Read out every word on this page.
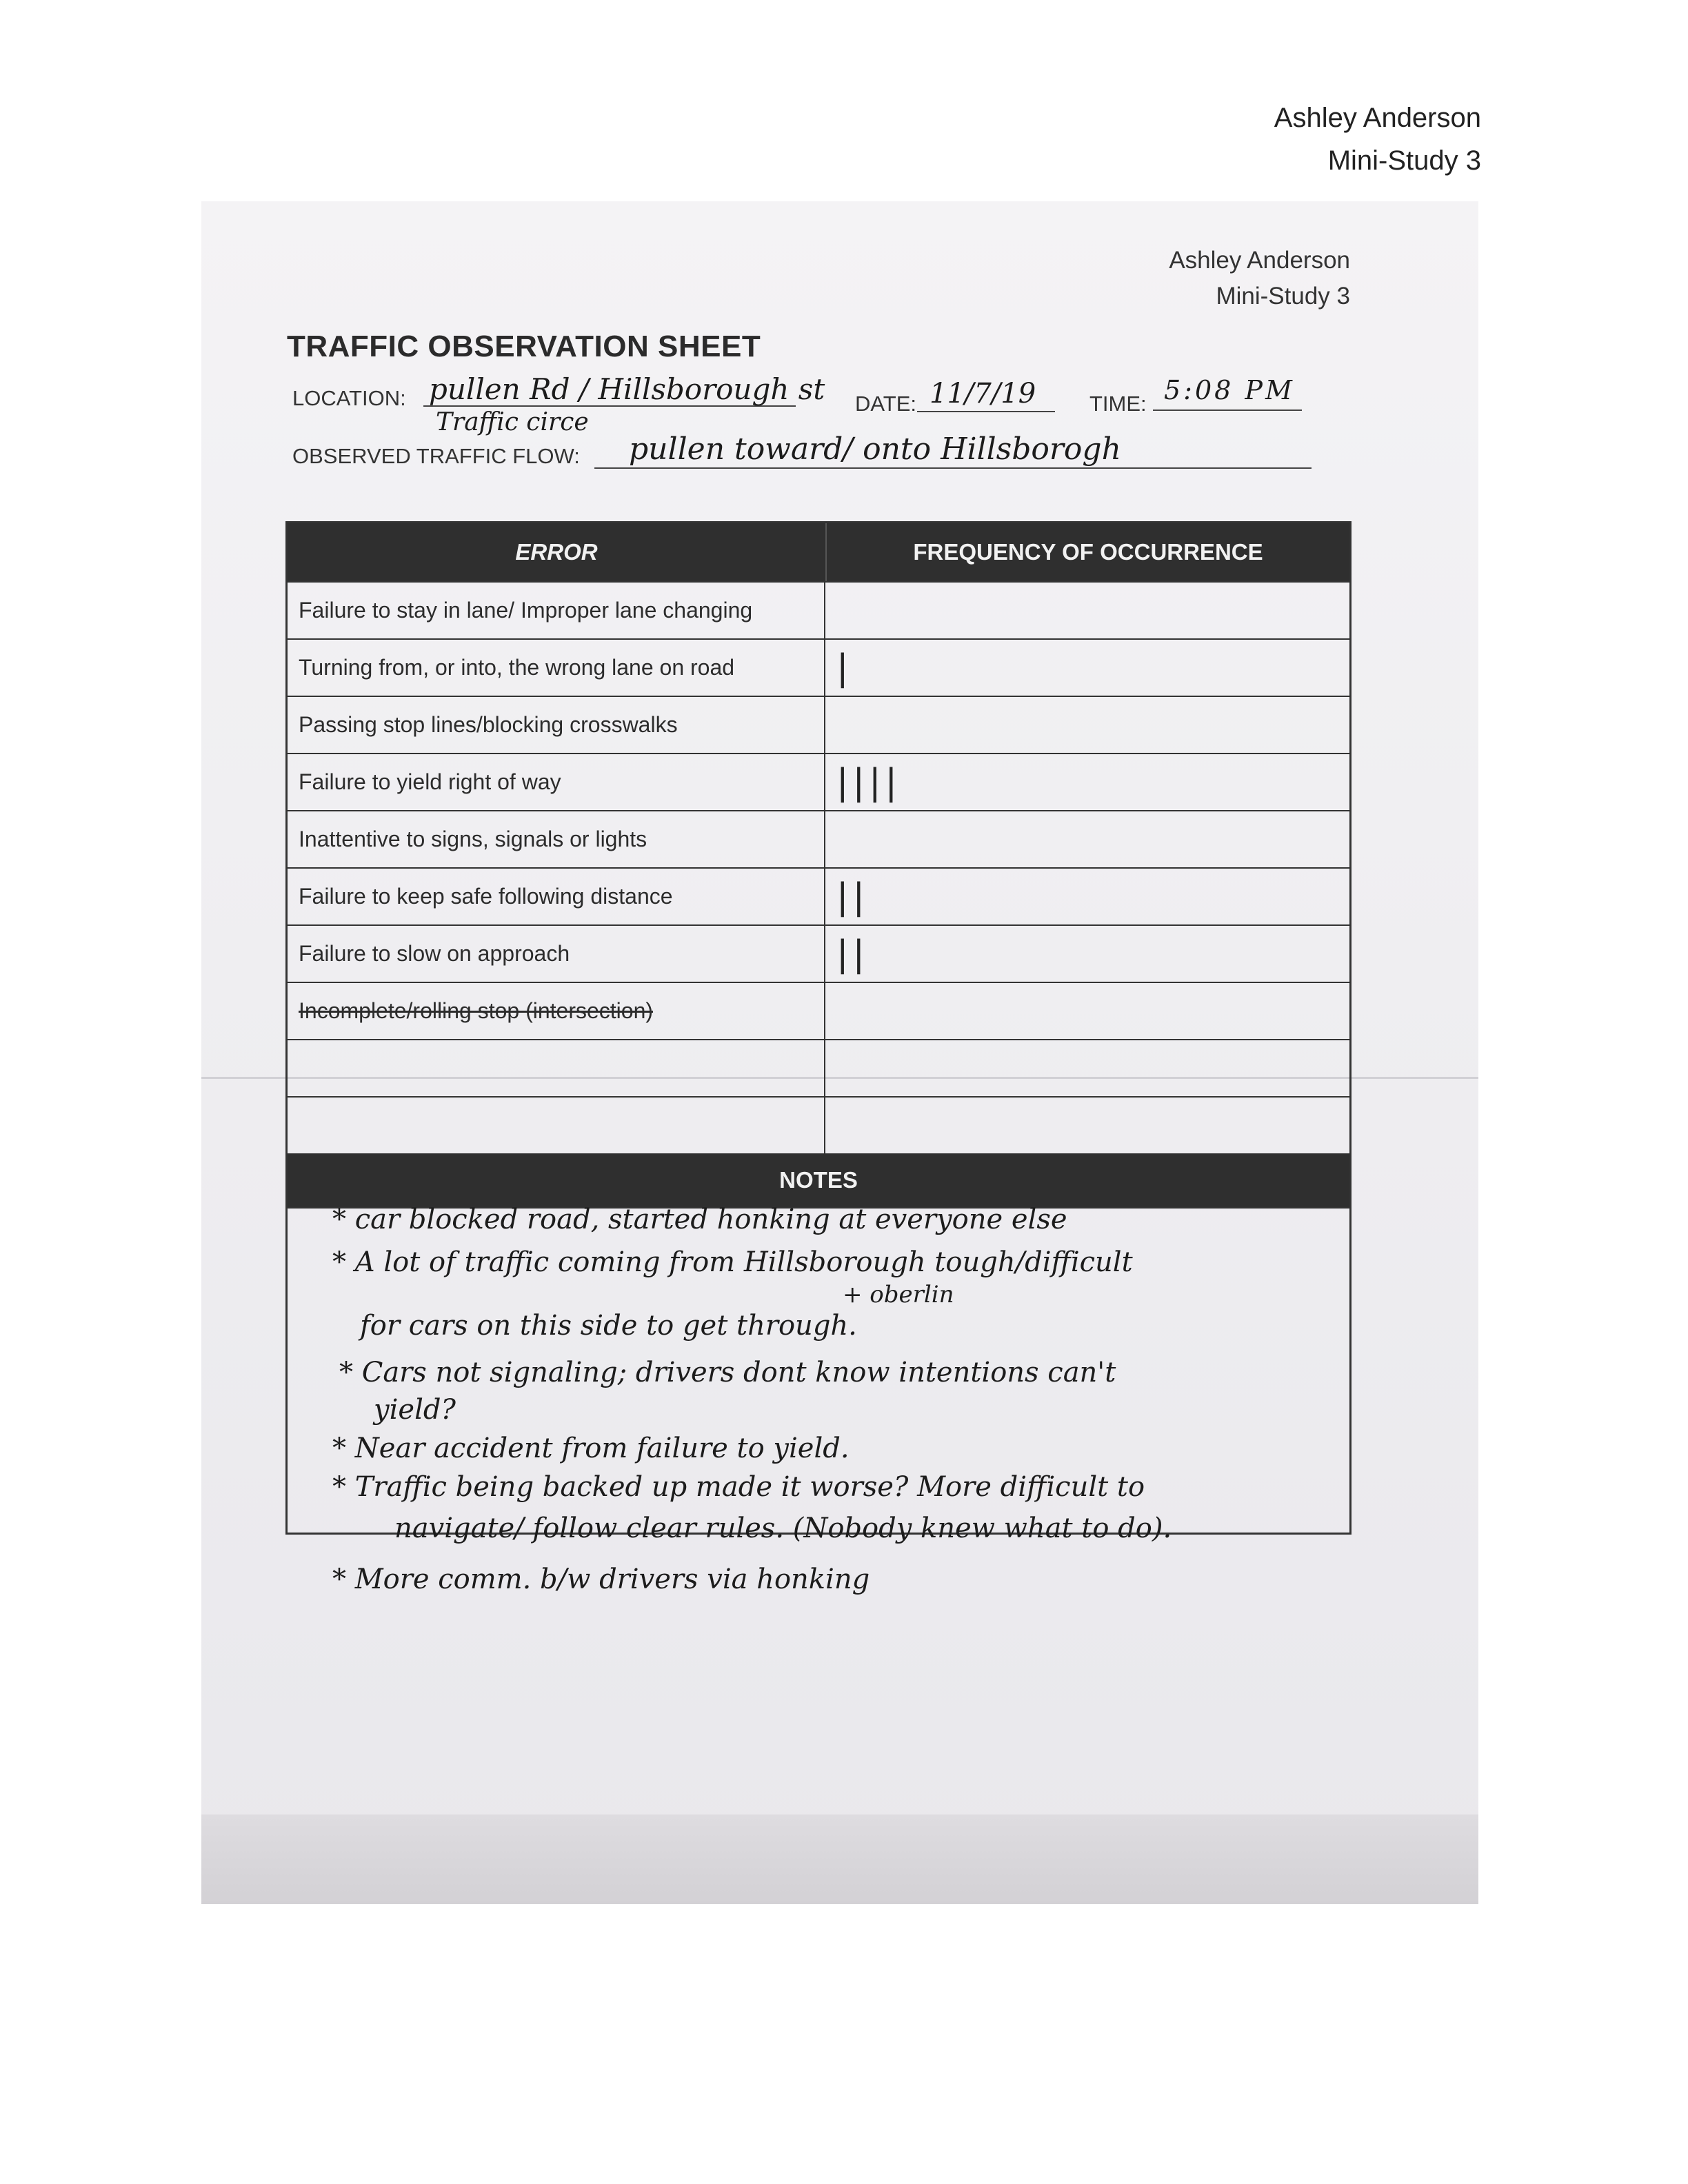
Ashley Anderson
Mini-Study 3
Ashley Anderson
Mini-Study 3
TRAFFIC OBSERVATION SHEET
LOCATION: pullen Rd / Hillsborough st
Traffic circe
DATE: 11/7/19	TIME: 5:08 PM
OBSERVED TRAFFIC FLOW: pullen toward/ onto Hillsborogh
ERROR	FREQUENCY OF OCCURRENCE
Failure to stay in lane/ Improper lane changing
Turning from, or into, the wrong lane on road	|
Passing stop lines/blocking crosswalks
Failure to yield right of way	||||
Inattentive to signs, signals or lights
Failure to keep safe following distance	||
Failure to slow on approach	||
Incomplete/rolling stop (intersection)
NOTES
* car blocked road, started honking at everyone else
* A lot of traffic coming from Hillsborough tough/difficult
+ oberlin
for cars on this side to get through.
* Cars not signaling; drivers dont know intentions can't
yield?
* Near accident from failure to yield.
* Traffic being backed up made it worse? More difficult to
navigate/ follow clear rules. (Nobody knew what to do).
* More comm. b/w drivers via honking
